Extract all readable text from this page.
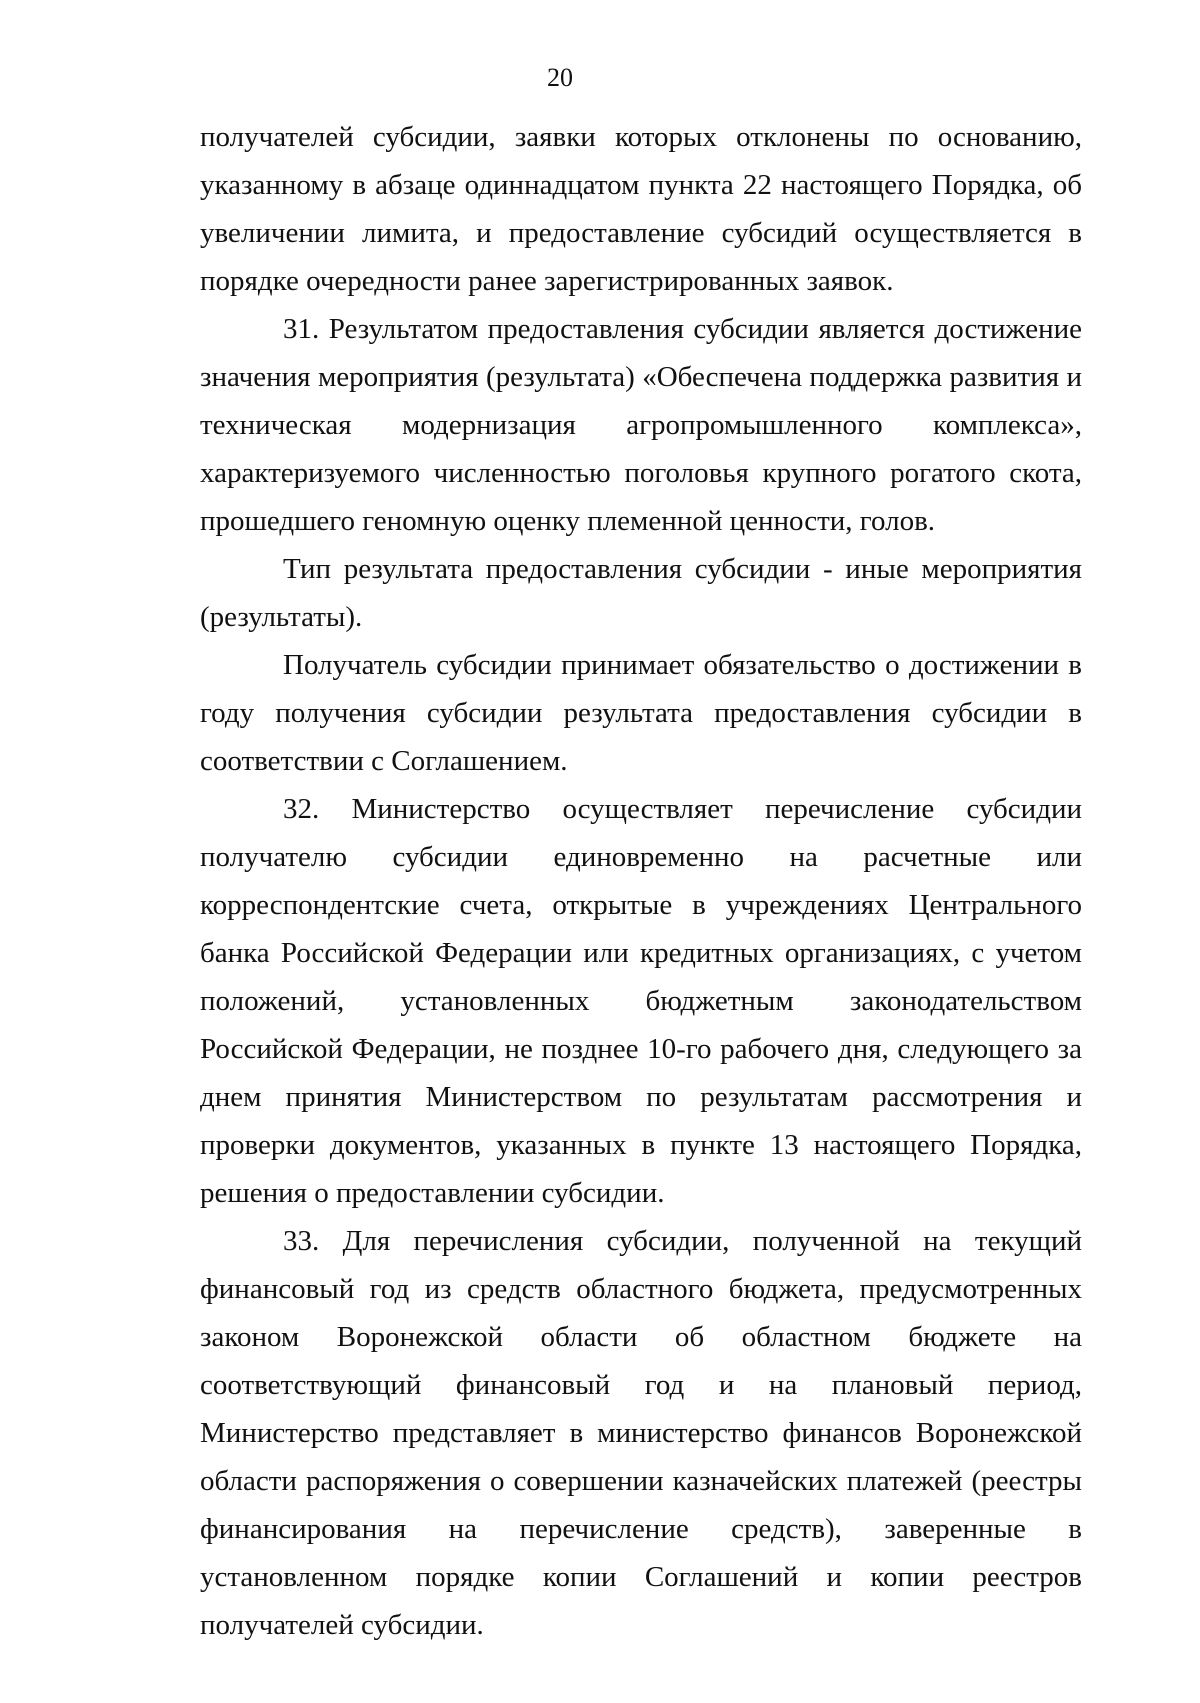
20

получателей субсидии, заявки которых отклонены по основанию, указанному в абзаце одиннадцатом пункта 22 настоящего Порядка, об увеличении лимита, и предоставление субсидий осуществляется в порядке очередности ранее зарегистрированных заявок.

31. Результатом предоставления субсидии является достижение значения мероприятия (результата) «Обеспечена поддержка развития и техническая модернизация агропромышленного комплекса», характеризуемого численностью поголовья крупного рогатого скота, прошедшего геномную оценку племенной ценности, голов.

Тип результата предоставления субсидии - иные мероприятия (результаты).

Получатель субсидии принимает обязательство о достижении в году получения субсидии результата предоставления субсидии в соответствии с Соглашением.

32. Министерство осуществляет перечисление субсидии получателю субсидии единовременно на расчетные или корреспондентские счета, открытые в учреждениях Центрального банка Российской Федерации или кредитных организациях, с учетом положений, установленных бюджетным законодательством Российской Федерации, не позднее 10-го рабочего дня, следующего за днем принятия Министерством по результатам рассмотрения и проверки документов, указанных в пункте 13 настоящего Порядка, решения о предоставлении субсидии.

33. Для перечисления субсидии, полученной на текущий финансовый год из средств областного бюджета, предусмотренных законом Воронежской области об областном бюджете на соответствующий финансовый год и на плановый период, Министерство представляет в министерство финансов Воронежской области распоряжения о совершении казначейских платежей (реестры финансирования на перечисление средств), заверенные в установленном порядке копии Соглашений и копии реестров получателей субсидии.
